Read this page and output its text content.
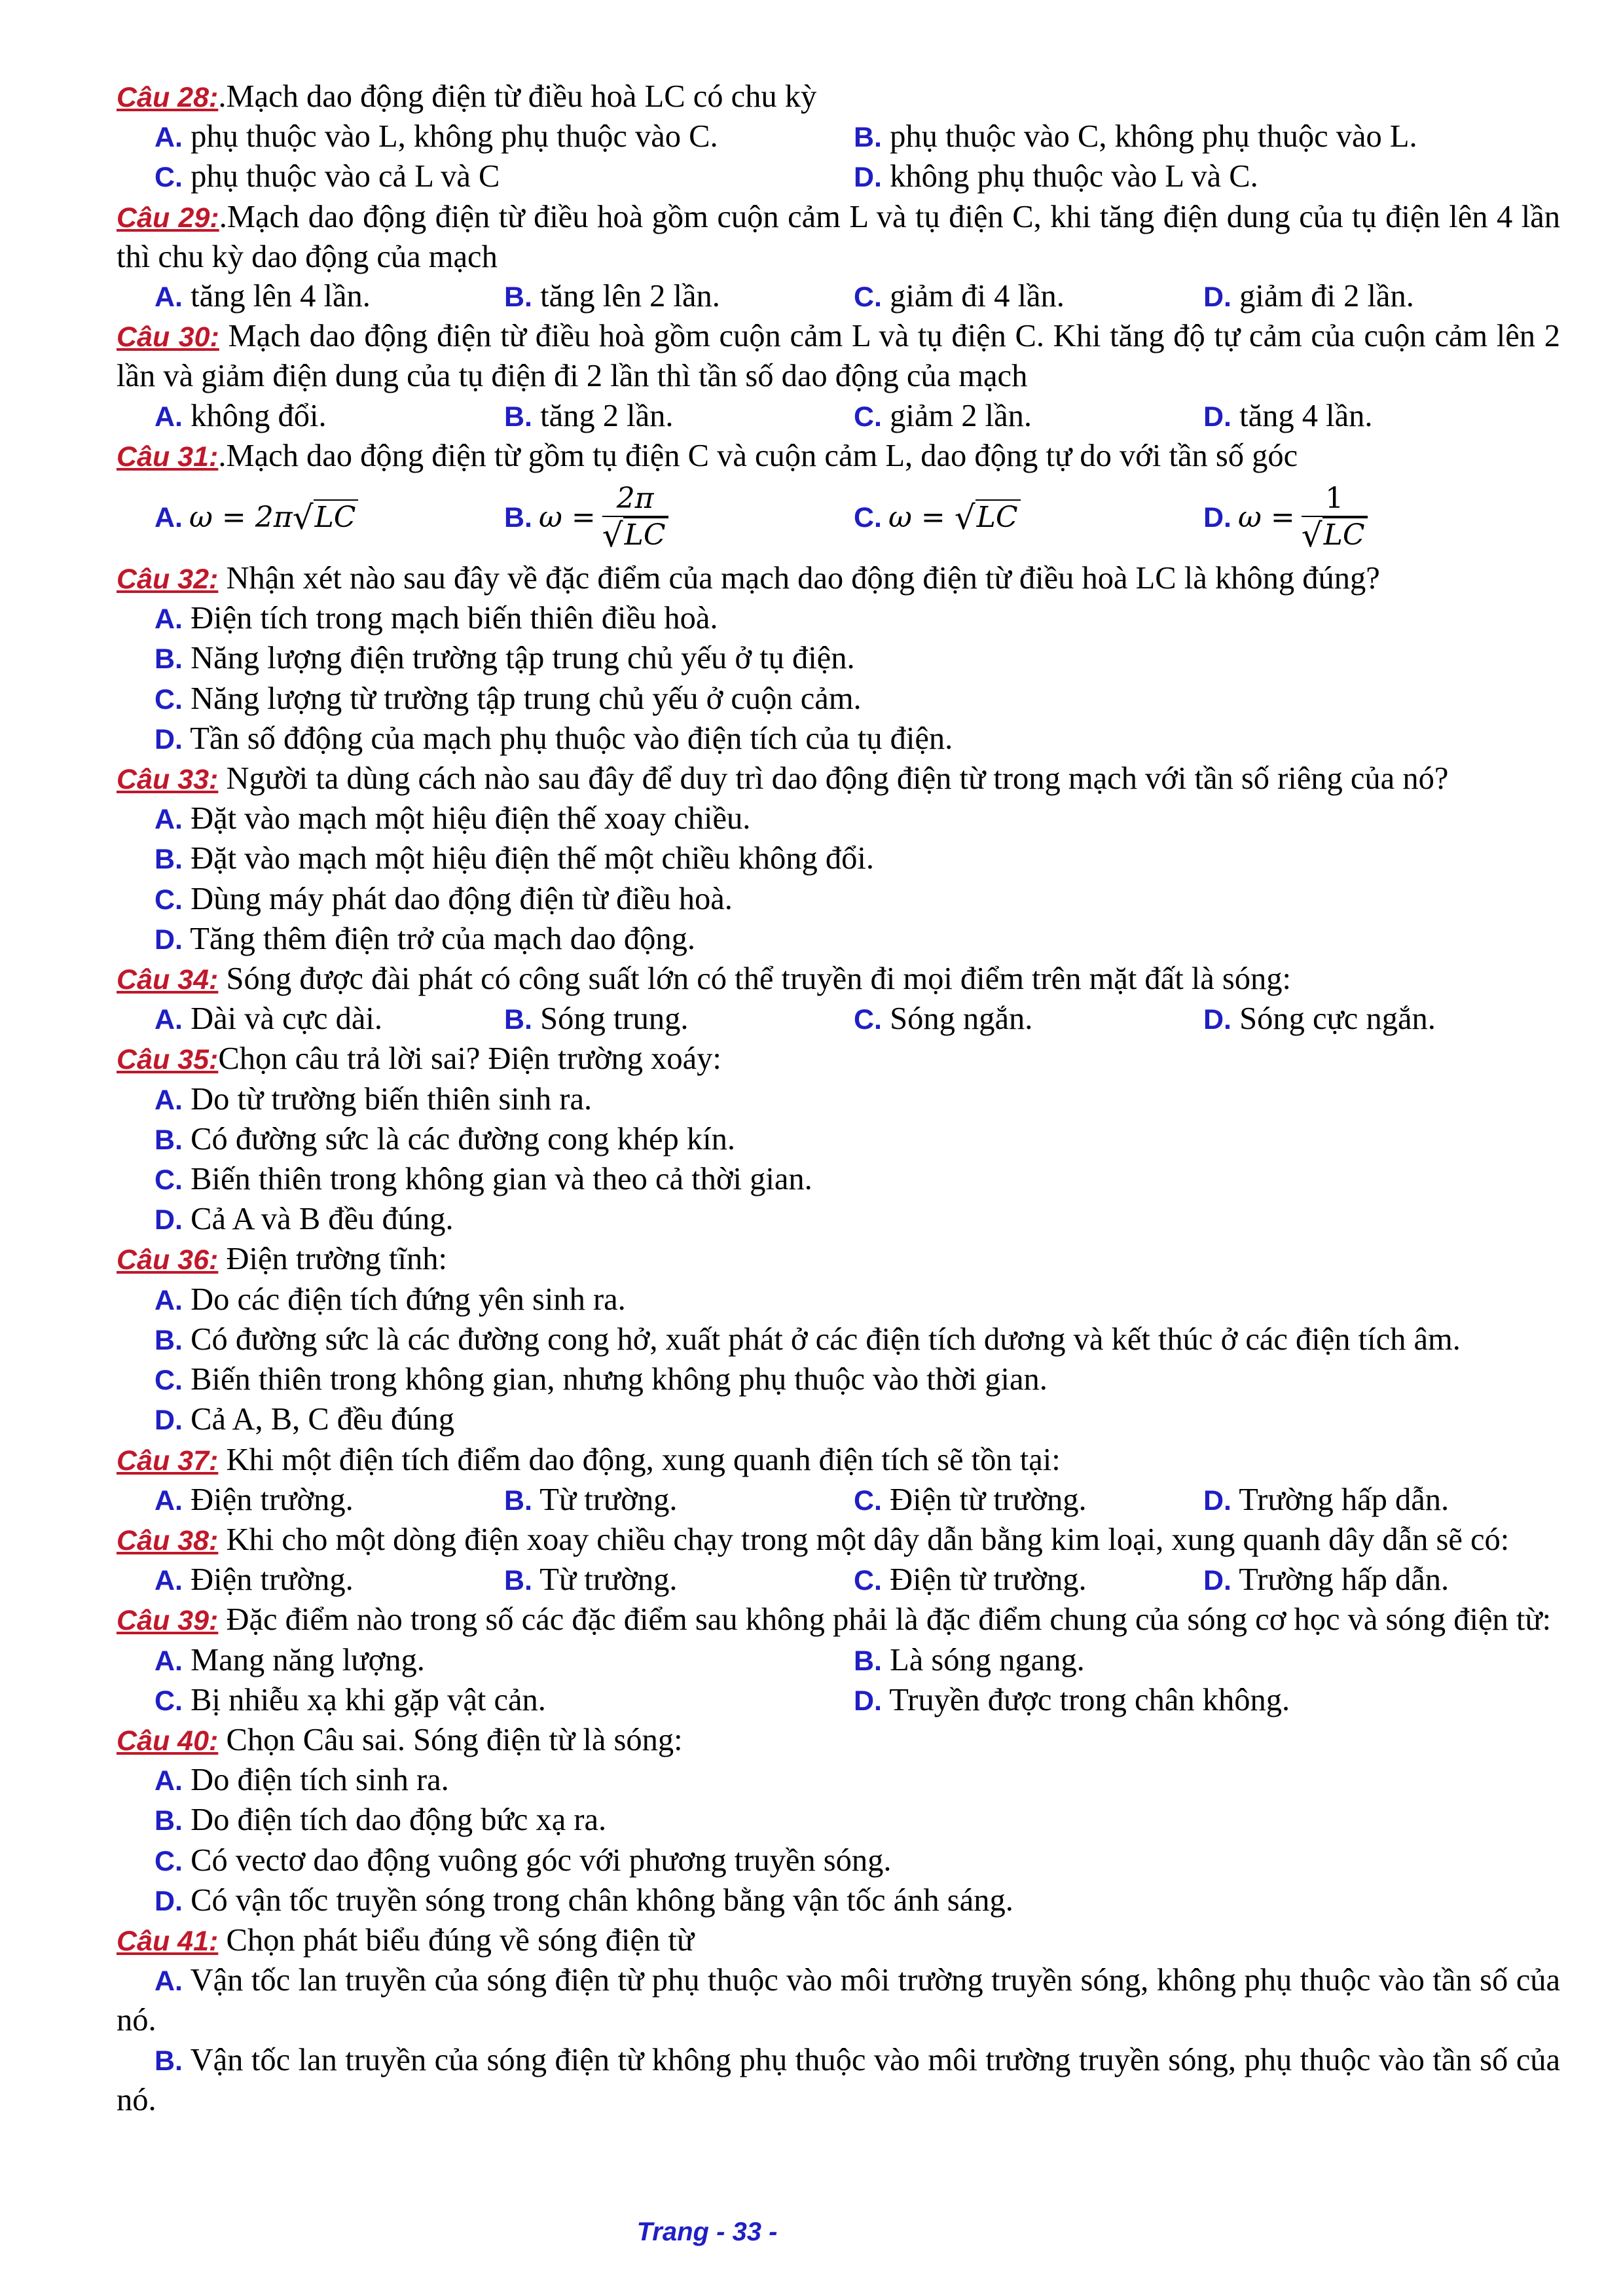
Câu 28:.Mạch dao động điện từ điều hoà LC có chu kỳ
A. phụ thuộc vào L, không phụ thuộc vào C.	B. phụ thuộc vào C, không phụ thuộc vào L.
C. phụ thuộc vào cả L và C	D. không phụ thuộc vào L và C.
Câu 29:.Mạch dao động điện từ điều hoà gồm cuộn cảm L và tụ điện C, khi tăng điện dung của tụ điện lên 4 lần thì chu kỳ dao động của mạch
A. tăng lên 4 lần.	B. tăng lên 2 lần.	C. giảm đi 4 lần.	D. giảm đi 2 lần.
Câu 30: Mạch dao động điện từ điều hoà gồm cuộn cảm L và tụ điện C. Khi tăng độ tự cảm của cuộn cảm lên 2 lần và giảm điện dung của tụ điện đi 2 lần thì tần số dao động của mạch
A. không đổi.	B. tăng 2 lần.	C. giảm 2 lần.	D. tăng 4 lần.
Câu 31:.Mạch dao động điện từ gồm tụ điện C và cuộn cảm L, dao động tự do với tần số góc
A. ω
=
2π √ LC	B. ω
= $\frac{2\pi}{√ LC}$	C. ω
=
√ LC	D. ω
= $\frac{1}{√ LC}$
Câu 32: Nhận xét nào sau đây về đặc điểm của mạch dao động điện từ điều hoà LC là không đúng?
A. Điện tích trong mạch biến thiên điều hoà.
B. Năng lượng điện trường tập trung chủ yếu ở tụ điện.
C. Năng lượng từ trường tập trung chủ yếu ở cuộn cảm.
D. Tần số đđộng của mạch phụ thuộc vào điện tích của tụ điện.
Câu 33: Người ta dùng cách nào sau đây để duy trì dao động điện từ trong mạch với tần số riêng của nó?
A. Đặt vào mạch một hiệu điện thế xoay chiều.
B. Đặt vào mạch một hiệu điện thế một chiều không đổi.
C. Dùng máy phát dao động điện từ điều hoà.
D. Tăng thêm điện trở của mạch dao động.
Câu 34: Sóng được đài phát có công suất lớn có thể truyền đi mọi điểm trên mặt đất là sóng:
A. Dài và cực dài.	B. Sóng trung.	C. Sóng ngắn.	D. Sóng cực ngắn.
Câu 35:Chọn câu trả lời sai? Điện trường xoáy:
A. Do từ trường biến thiên sinh ra.
B. Có đường sức là các đường cong khép kín.
C. Biến thiên trong không gian và theo cả thời gian.
D. Cả A và B đều đúng.
Câu 36: Điện trường tĩnh:
A. Do các điện tích đứng yên sinh ra.
B. Có đường sức là các đường cong hở, xuất phát ở các điện tích dương và kết thúc ở các điện tích âm.
C. Biến thiên trong không gian, nhưng không phụ thuộc vào thời gian.
D. Cả A, B, C đều đúng
Câu 37: Khi một điện tích điểm dao động, xung quanh điện tích sẽ tồn tại:
A. Điện trường.	B. Từ trường.	C. Điện từ trường.	D. Trường hấp dẫn.
Câu 38: Khi cho một dòng điện xoay chiều chạy trong một dây dẫn bằng kim loại, xung quanh dây dẫn sẽ có:
A. Điện trường.	B. Từ trường.	C. Điện từ trường.	D. Trường hấp dẫn.
Câu 39: Đặc điểm nào trong số các đặc điểm sau không phải là đặc điểm chung của sóng cơ học và sóng điện từ:
A. Mang năng lượng.	B. Là sóng ngang.
C. Bị nhiễu xạ khi gặp vật cản.	D. Truyền được trong chân không.
Câu 40: Chọn Câu sai. Sóng điện từ là sóng:
A. Do điện tích sinh ra.
B. Do điện tích dao động bức xạ ra.
C. Có vectơ dao động vuông góc với phương truyền sóng.
D. Có vận tốc truyền sóng trong chân không bằng vận tốc ánh sáng.
Câu 41: Chọn phát biểu đúng về sóng điện từ
A. Vận tốc lan truyền của sóng điện từ phụ thuộc vào môi trường truyền sóng, không phụ thuộc vào tần số của nó.
B. Vận tốc lan truyền của sóng điện từ không phụ thuộc vào môi trường truyền sóng, phụ thuộc vào tần số của nó.
Trang - 33 -
